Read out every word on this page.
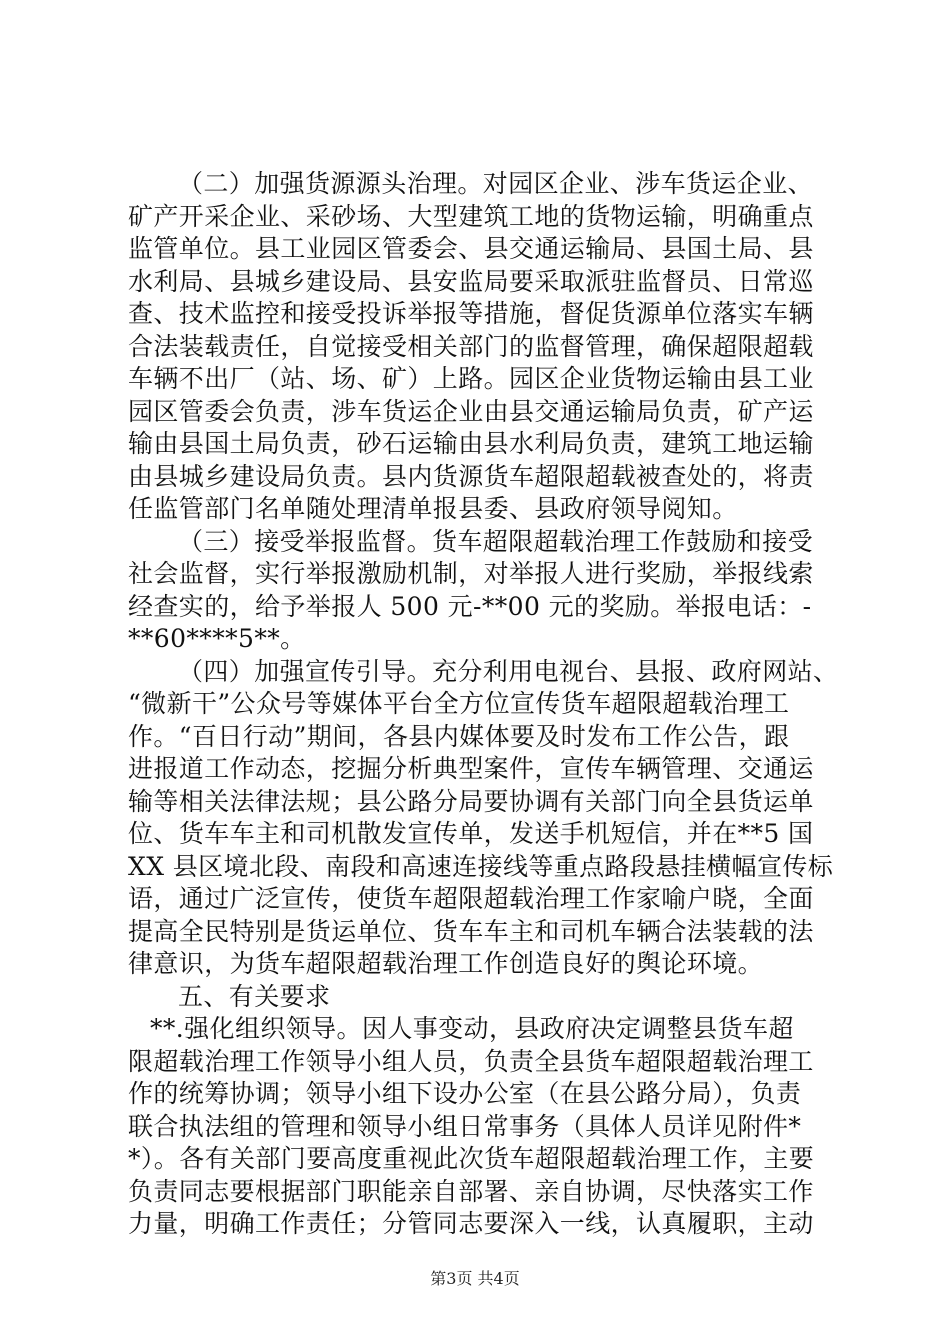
（二）加强货源源头治理。对园区企业、涉车货运企业、
矿产开采企业、采砂场、大型建筑工地的货物运输，明确重点
监管单位。县工业园区管委会、县交通运输局、县国土局、县
水利局、县城乡建设局、县安监局要采取派驻监督员、日常巡
查、技术监控和接受投诉举报等措施，督促货源单位落实车辆
合法装载责任，自觉接受相关部门的监督管理，确保超限超载
车辆不出厂（站、场、矿）上路。园区企业货物运输由县工业
园区管委会负责，涉车货运企业由县交通运输局负责，矿产运
输由县国土局负责，砂石运输由县水利局负责，建筑工地运输
由县城乡建设局负责。县内货源货车超限超载被查处的，将责
任监管部门名单随处理清单报县委、县政府领导阅知。
（三）接受举报监督。货车超限超载治理工作鼓励和接受
社会监督，实行举报激励机制，对举报人进行奖励，举报线索
经查实的，给予举报人 500 元-**00 元的奖励。举报电话：-
**60****5**。
（四）加强宣传引导。充分利用电视台、县报、政府网站、
“微新干”公众号等媒体平台全方位宣传货车超限超载治理工
作。“百日行动”期间，各县内媒体要及时发布工作公告，跟
进报道工作动态，挖掘分析典型案件，宣传车辆管理、交通运
输等相关法律法规；县公路分局要协调有关部门向全县货运单
位、货车车主和司机散发宣传单，发送手机短信，并在**5 国
XX 县区境北段、南段和高速连接线等重点路段悬挂横幅宣传标
语，通过广泛宣传，使货车超限超载治理工作家喻户晓，全面
提高全民特别是货运单位、货车车主和司机车辆合法装载的法
律意识，为货车超限超载治理工作创造良好的舆论环境。
五、有关要求
**.强化组织领导。因人事变动，县政府决定调整县货车超
限超载治理工作领导小组人员，负责全县货车超限超载治理工
作的统筹协调；领导小组下设办公室（在县公路分局），负责
联合执法组的管理和领导小组日常事务（具体人员详见附件*
*）。各有关部门要高度重视此次货车超限超载治理工作，主要
负责同志要根据部门职能亲自部署、亲自协调，尽快落实工作
力量，明确工作责任；分管同志要深入一线，认真履职，主动
第3页 共4页
